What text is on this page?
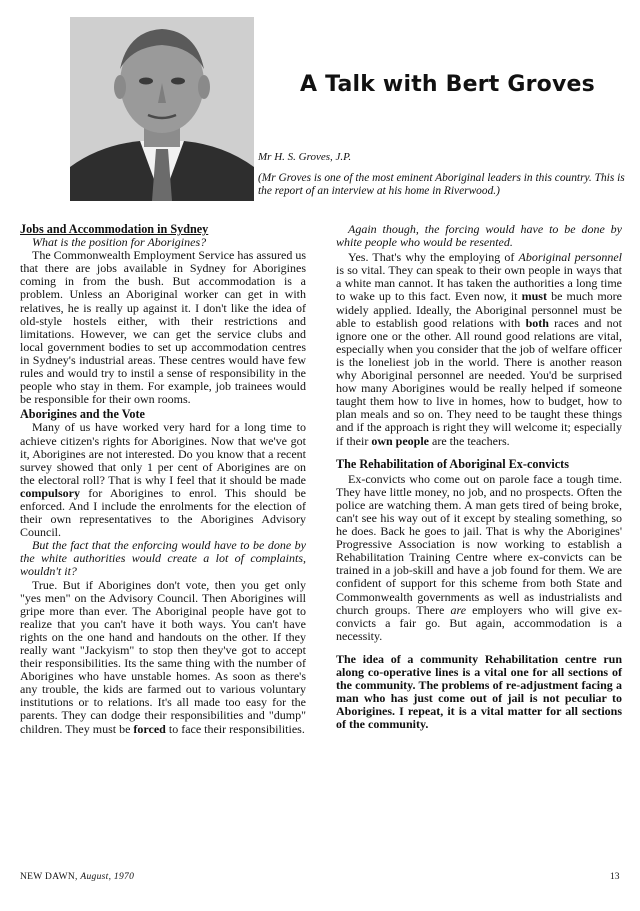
A Talk with Bert Groves

Mr H. S. Groves, J.P.

(Mr Groves is one of the most eminent Aboriginal leaders in this country. This is the report of an interview at his home in Riverwood.)

Jobs and Accommodation in Sydney

What is the position for Aborigines?

The Commonwealth Employment Service has assured us that there are jobs available in Sydney for Aborigines coming in from the bush. But accommodation is a problem. Unless an Aboriginal worker can get in with relatives, he is really up against it. I don't like the idea of old-style hostels either, with their restrictions and limitations. However, we can get the service clubs and local government bodies to set up accommodation centres in Sydney's industrial areas. These centres would have few rules and would try to instil a sense of responsibility in the people who stay in them. For example, job trainees would be responsible for their own rooms.

Aborigines and the Vote

Many of us have worked very hard for a long time to achieve citizen's rights for Aborigines. Now that we've got it, Aborigines are not interested. Do you know that a recent survey showed that only 1 per cent of Aborigines are on the electoral roll? That is why I feel that it should be made compulsory for Aborigines to enrol. This should be enforced. And I include the enrolments for the election of their own representatives to the Aborigines Advisory Council.

But the fact that the enforcing would have to be done by the white authorities would create a lot of complaints, wouldn't it?

True. But if Aborigines don't vote, then you get only "yes men" on the Advisory Council. Then Aborigines will gripe more than ever. The Aboriginal people have got to realize that you can't have it both ways. You can't have rights on the one hand and handouts on the other. If they really want "Jackyism" to stop then they've got to accept their responsibilities. Its the same thing with the number of Aborigines who have unstable homes. As soon as there's any trouble, the kids are farmed out to various voluntary institutions or to relations. It's all made too easy for the parents. They can dodge their responsibilities and "dump" children. They must be forced to face their responsibilities.

Again though, the forcing would have to be done by white people who would be resented.

Yes. That's why the employing of Aboriginal personnel is so vital. They can speak to their own people in ways that a white man cannot. It has taken the authorities a long time to wake up to this fact. Even now, it must be much more widely applied. Ideally, the Aboriginal personnel must be able to establish good relations with both races and not ignore one or the other. All round good relations are vital, especially when you consider that the job of welfare officer is the loneliest job in the world. There is another reason why Aboriginal personnel are needed. You'd be surprised how many Aborigines would be really helped if someone taught them how to live in homes, how to budget, how to plan meals and so on. They need to be taught these things and if the approach is right they will welcome it; especially if their own people are the teachers.

The Rehabilitation of Aboriginal Ex-convicts

Ex-convicts who come out on parole face a tough time. They have little money, no job, and no prospects. Often the police are watching them. A man gets tired of being broke, can't see his way out of it except by stealing something, so he does. Back he goes to jail. That is why the Aborigines' Progressive Association is now working to establish a Rehabilitation Training Centre where ex-convicts can be trained in a job-skill and have a job found for them. We are confident of support for this scheme from both State and Commonwealth governments as well as industrialists and church groups. There are employers who will give ex-convicts a fair go. But again, accommodation is a necessity.

The idea of a community Rehabilitation centre run along co-operative lines is a vital one for all sections of the community. The problems of re-adjustment facing a man who has just come out of jail is not peculiar to Aborigines. I repeat, it is a vital matter for all sections of the community.

NEW DAWN, August, 1970	13
